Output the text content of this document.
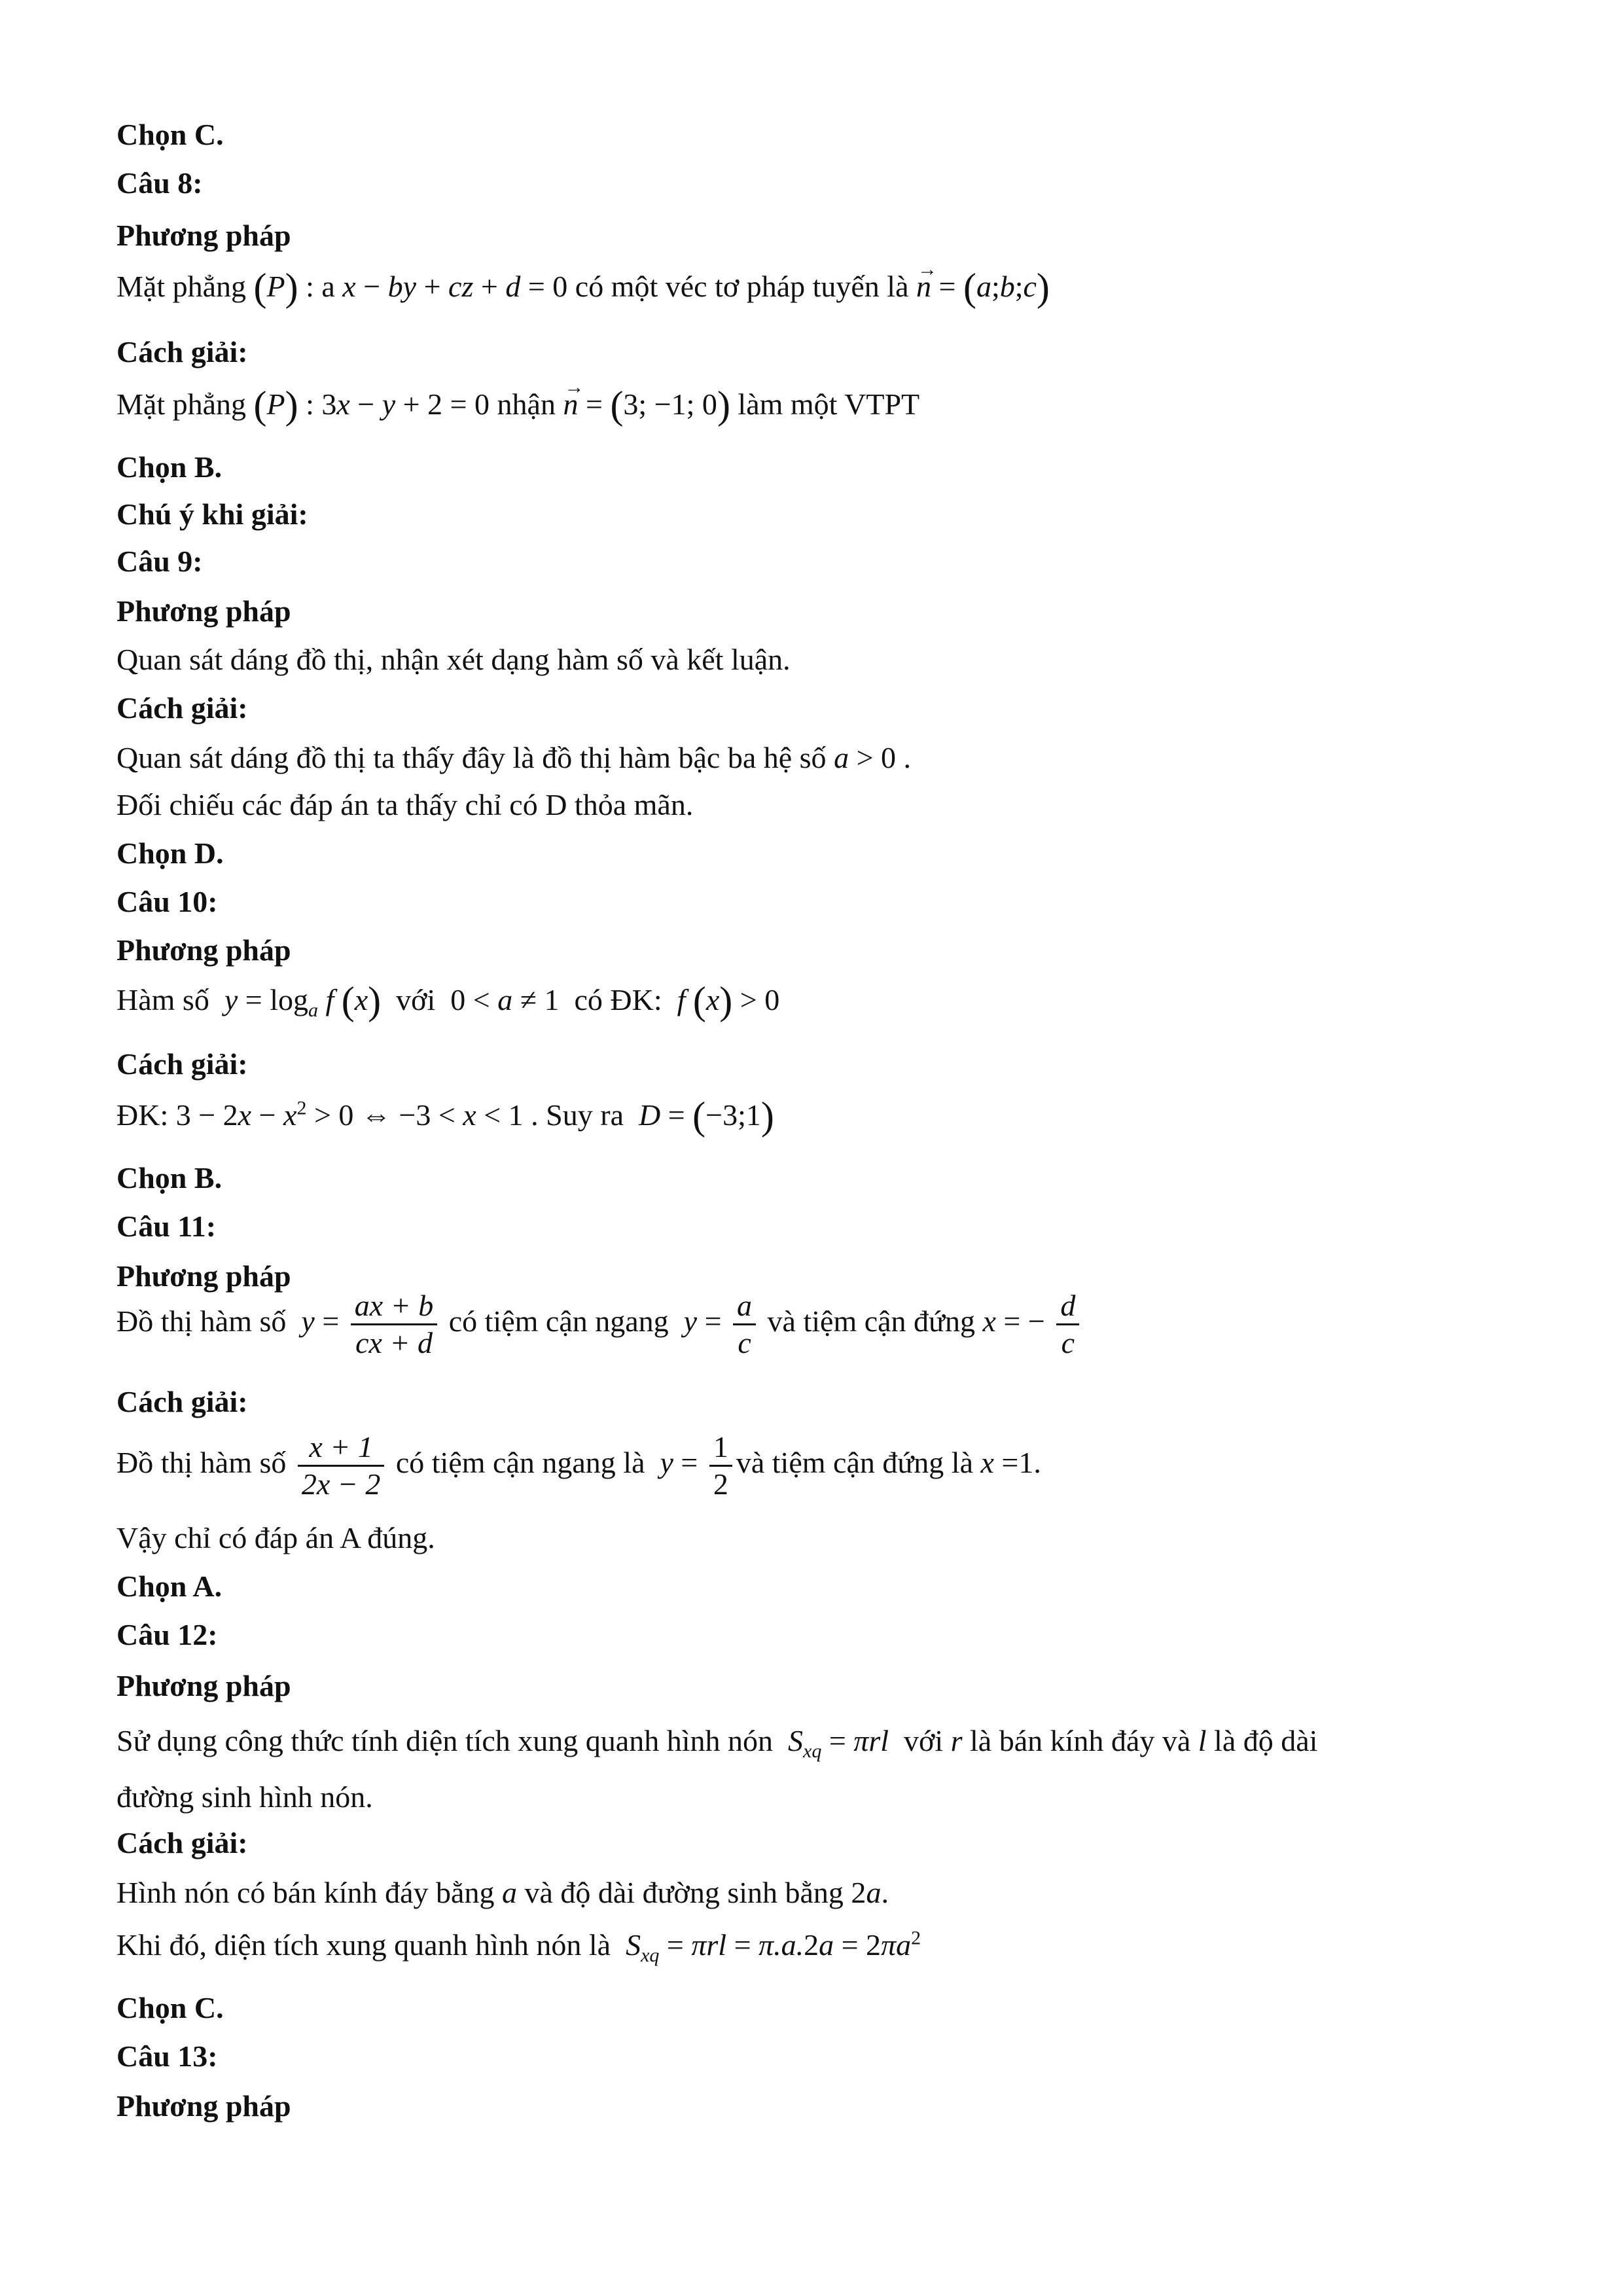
Chọn C.
Câu 8:
Phương pháp
Mặt phẳng (P) : a x − by + cz + d = 0 có một véc tơ pháp tuyến là → n = (a;b;c)
Cách giải:
Mặt phẳng (P) : 3x − y + 2 = 0 nhận → n = (3; −1; 0) làm một VTPT
Chọn B.
Chú ý khi giải:
Câu 9:
Phương pháp
Quan sát dáng đồ thị, nhận xét dạng hàm số và kết luận.
Cách giải:
Quan sát dáng đồ thị ta thấy đây là đồ thị hàm bậc ba hệ số a > 0 .
Đối chiếu các đáp án ta thấy chỉ có D thỏa mãn.
Chọn D.
Câu 10:
Phương pháp
Hàm số  $y = \log_a f$ (x)  với  0 < a ≠ 1  có ĐK:  f (x) > 0
Cách giải:
ĐK: $3 - 2x - x^2 > 0$ ⇔ −3 < x < 1 . Suy ra  D = (−3;1)
Chọn B.
Câu 11:
Phương pháp
Đồ thị hàm số  $y = \frac{ax + b}{cx + d}$ có tiệm cận ngang  $y = \frac{a}{c}$ và tiệm cận đứng x = − $\frac{d}{c}$
Cách giải:
Đồ thị hàm số $\frac{x + 1}{2x - 2}$ có tiệm cận ngang là  $y = \frac{1}{2}$ và tiệm cận đứng là x =1.
Vậy chỉ có đáp án A đúng.
Chọn A.
Câu 12:
Phương pháp
Sử dụng công thức tính diện tích xung quanh hình nón  $S_{xq} = \pi rl$  với r là bán kính đáy và l là độ dài
đường sinh hình nón.
Cách giải:
Hình nón có bán kính đáy bằng a và độ dài đường sinh bằng 2a.
Khi đó, diện tích xung quanh hình nón là  $S_{xq} = \pi rl = \pi.a.2a = 2\pi a^2$
Chọn C.
Câu 13:
Phương pháp
